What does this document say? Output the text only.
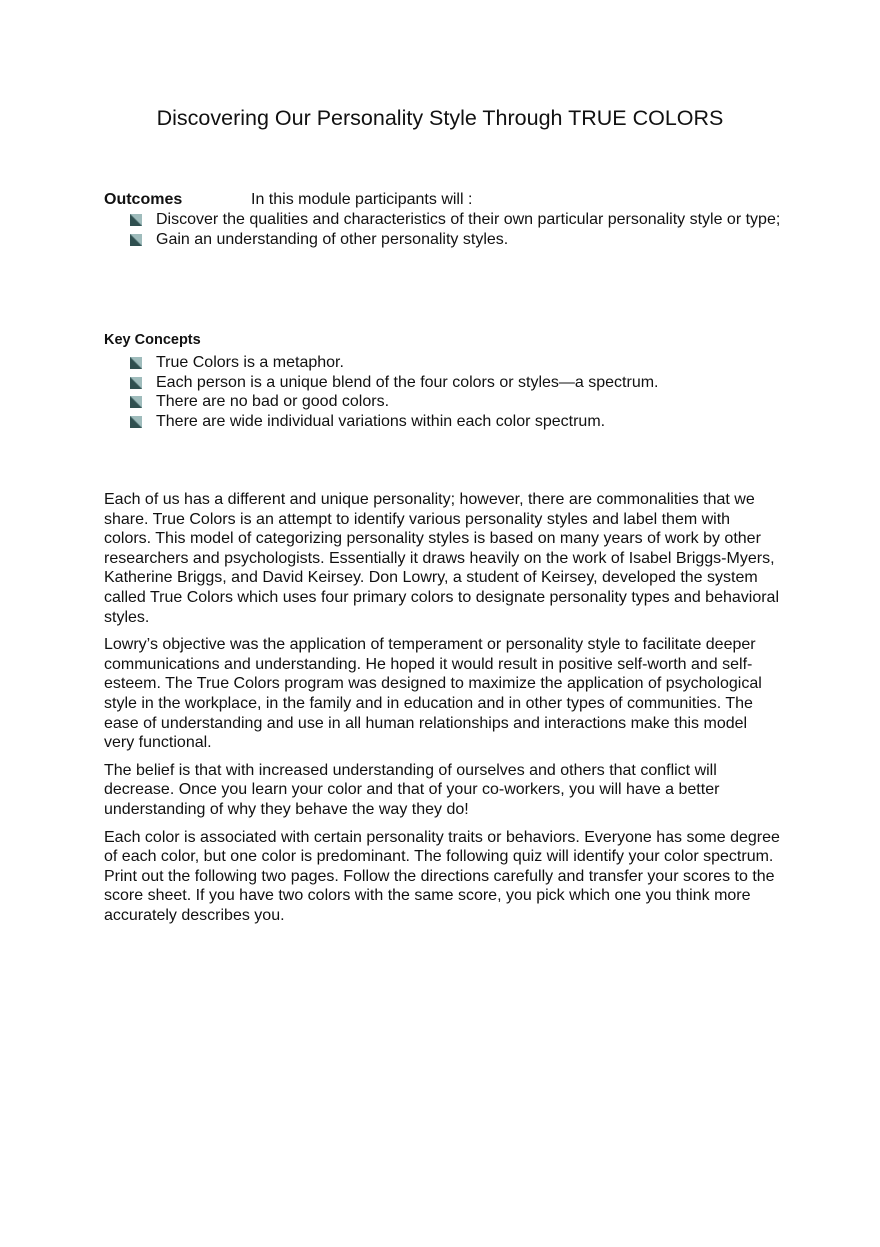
Discovering Our Personality Style Through TRUE COLORS
Outcomes	In this module participants will :
Discover the qualities and characteristics of their own particular personality style or type;
Gain an understanding of other personality styles.
Key Concepts
True Colors is a metaphor.
Each person is a unique blend of the four colors or styles—a spectrum.
There are no bad or good colors.
There are wide individual variations within each color spectrum.

Each of us has a different and unique personality; however, there are commonalities that we share. True Colors is an attempt to identify various personality styles and label them with colors. This model of categorizing personality styles is based on many years of work by other researchers and psychologists. Essentially it draws heavily on the work of Isabel Briggs-Myers, Katherine Briggs, and David Keirsey. Don Lowry, a student of Keirsey, developed the system called True Colors which uses four primary colors to designate personality types and behavioral styles.

Lowry’s objective was the application of temperament or personality style to facilitate deeper communications and understanding. He hoped it would result in positive self-worth and self-esteem. The True Colors program was designed to maximize the application of psychological style in the workplace, in the family and in education and in other types of communities. The ease of understanding and use in all human relationships and interactions make this model very functional.

The belief is that with increased understanding of ourselves and others that conflict will decrease. Once you learn your color and that of your co-workers, you will have a better understanding of why they behave the way they do!

Each color is associated with certain personality traits or behaviors. Everyone has some degree of each color, but one color is predominant. The following quiz will identify your color spectrum. Print out the following two pages. Follow the directions carefully and transfer your scores to the score sheet. If you have two colors with the same score, you pick which one you think more accurately describes you.
